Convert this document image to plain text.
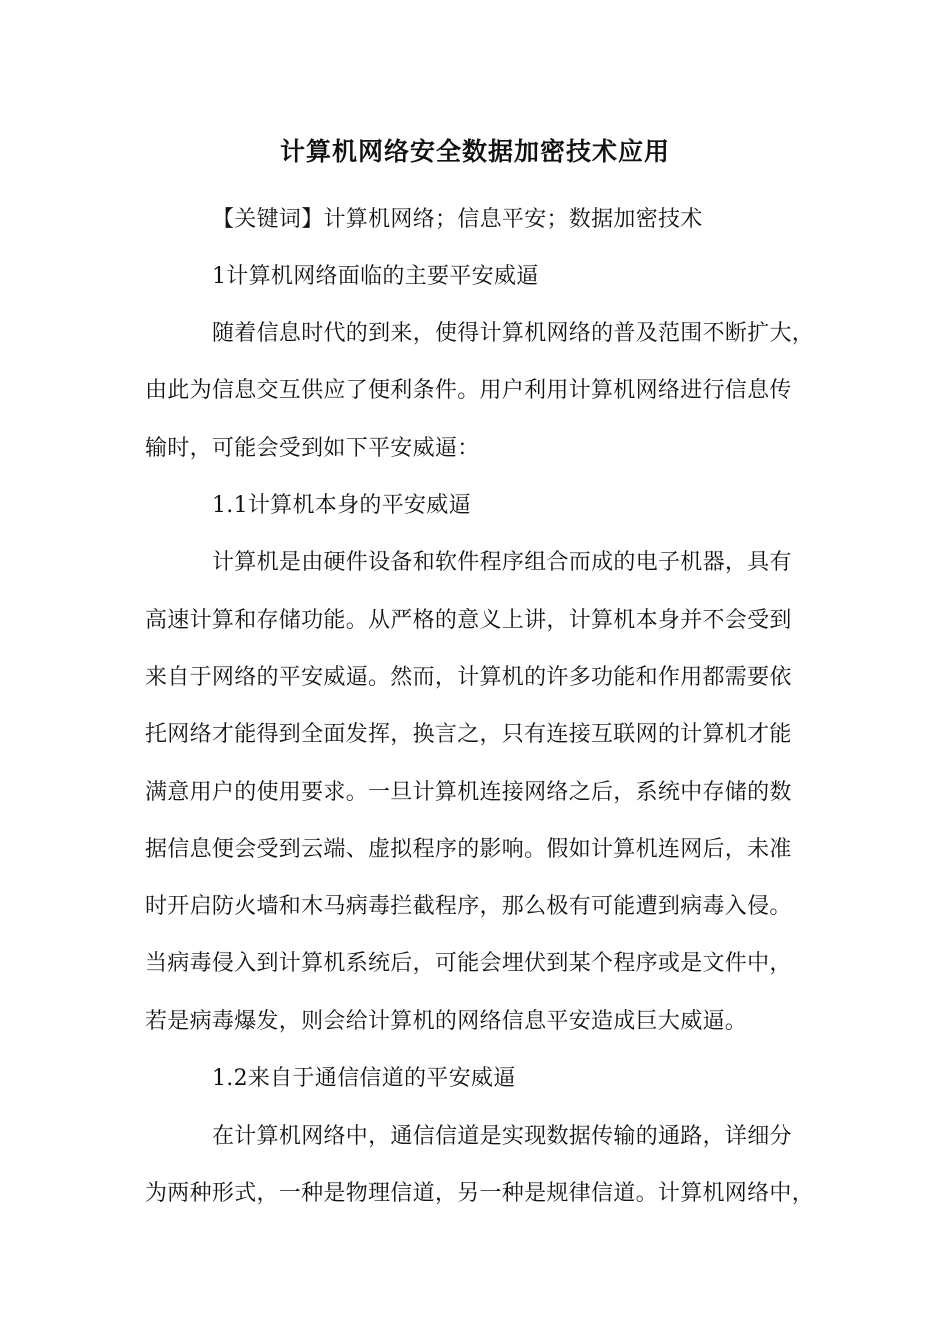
计算机网络安全数据加密技术应用
【关键词】计算机网络；信息平安；数据加密技术
1计算机网络面临的主要平安威逼
随着信息时代的到来，使得计算机网络的普及范围不断扩大，
由此为信息交互供应了便利条件。用户利用计算机网络进行信息传
输时，可能会受到如下平安威逼：
1.1计算机本身的平安威逼
计算机是由硬件设备和软件程序组合而成的电子机器，具有
高速计算和存储功能。从严格的意义上讲，计算机本身并不会受到
来自于网络的平安威逼。然而，计算机的许多功能和作用都需要依
托网络才能得到全面发挥，换言之，只有连接互联网的计算机才能
满意用户的使用要求。一旦计算机连接网络之后，系统中存储的数
据信息便会受到云端、虚拟程序的影响。假如计算机连网后，未准
时开启防火墙和木马病毒拦截程序，那么极有可能遭到病毒入侵。
当病毒侵入到计算机系统后，可能会埋伏到某个程序或是文件中，
若是病毒爆发，则会给计算机的网络信息平安造成巨大威逼。
1.2来自于通信信道的平安威逼
在计算机网络中，通信信道是实现数据传输的通路，详细分
为两种形式，一种是物理信道，另一种是规律信道。计算机网络中，
